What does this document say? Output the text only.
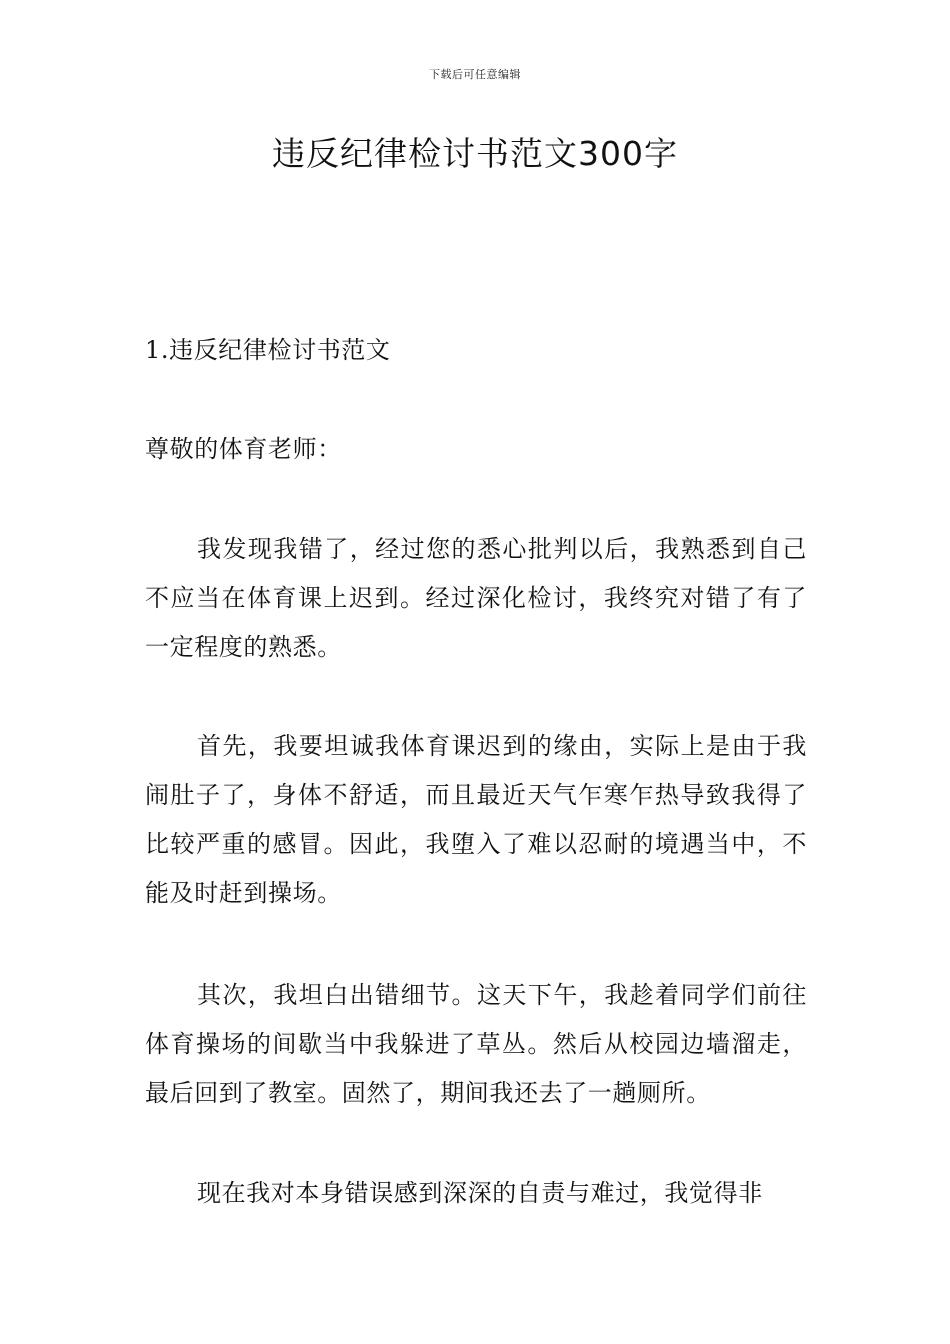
下载后可任意编辑
违反纪律检讨书范文300字

1.违反纪律检讨书范文

尊敬的体育老师：

我发现我错了，经过您的悉心批判以后，我熟悉到自己不应当在体育课上迟到。经过深化检讨，我终究对错了有了一定程度的熟悉。

首先，我要坦诚我体育课迟到的缘由，实际上是由于我闹肚子了，身体不舒适，而且最近天气乍寒乍热导致我得了比较严重的感冒。因此，我堕入了难以忍耐的境遇当中，不能及时赶到操场。

其次，我坦白出错细节。这天下午，我趁着同学们前往体育操场的间歇当中我躲进了草丛。然后从校园边墙溜走，最后回到了教室。固然了，期间我还去了一趟厕所。

现在我对本身错误感到深深的自责与难过，我觉得非
